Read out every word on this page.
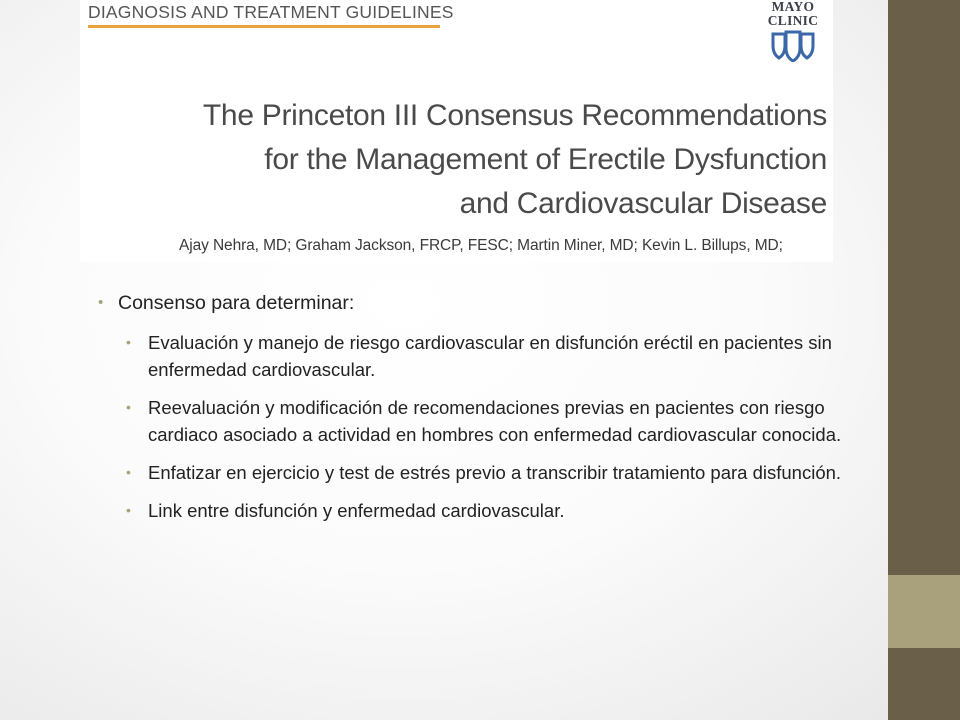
DIAGNOSIS AND TREATMENT GUIDELINES	MAYO
CLINIC
The Princeton III Consensus Recommendations
for the Management of Erectile Dysfunction
and Cardiovascular Disease
Ajay Nehra, MD; Graham Jackson, FRCP, FESC; Martin Miner, MD; Kevin L. Billups, MD;
• Consenso para determinar:
• Evaluación y manejo de riesgo cardiovascular en disfunción eréctil en pacientes sin enfermedad cardiovascular.
• Reevaluación y modificación de recomendaciones previas en pacientes con riesgo cardiaco asociado a actividad en hombres con enfermedad cardiovascular conocida.
• Enfatizar en ejercicio y test de estrés previo a transcribir tratamiento para disfunción.
• Link entre disfunción y enfermedad cardiovascular.
